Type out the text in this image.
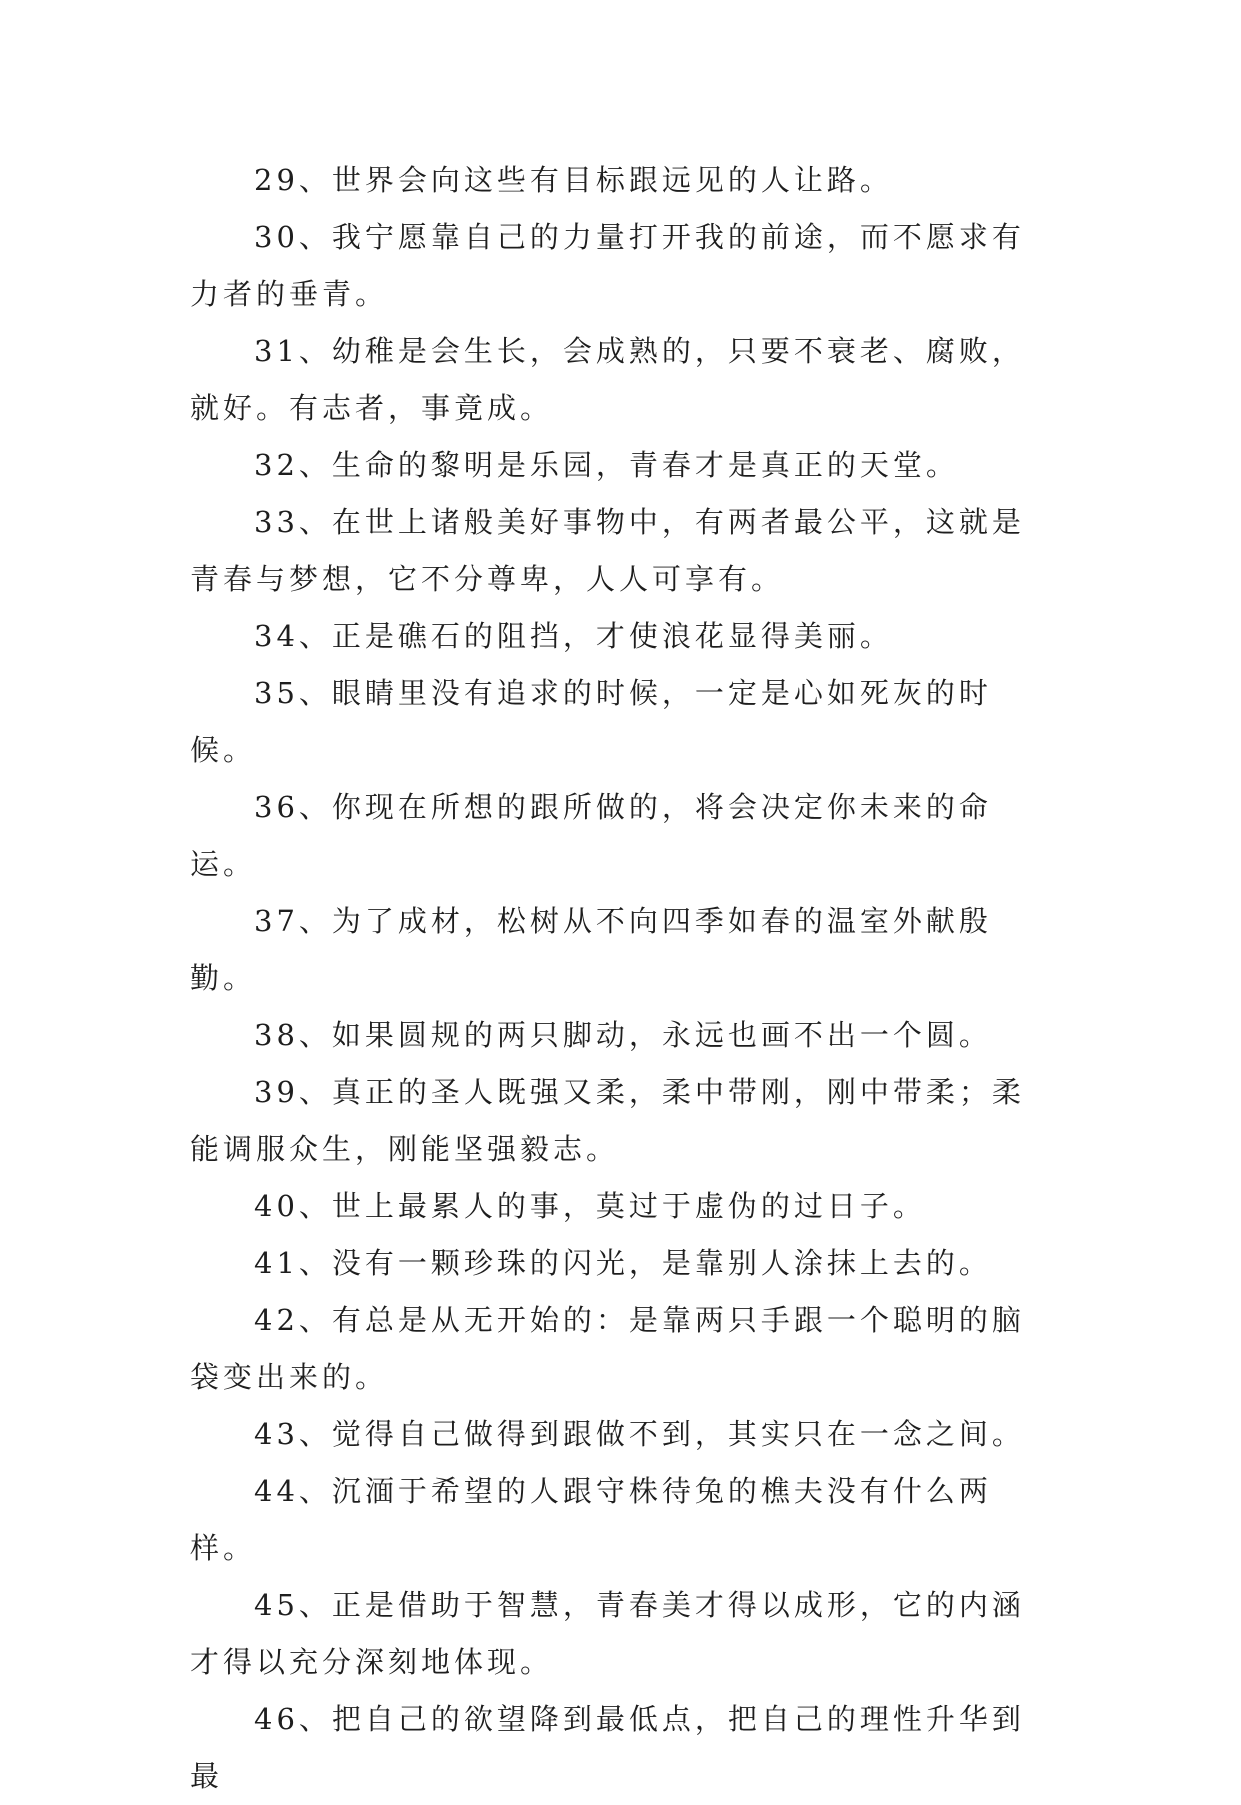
29、世界会向这些有目标跟远见的人让路。

30、我宁愿靠自己的力量打开我的前途，而不愿求有力者的垂青。

31、幼稚是会生长，会成熟的，只要不衰老、腐败，就好。有志者，事竟成。

32、生命的黎明是乐园，青春才是真正的天堂。

33、在世上诸般美好事物中，有两者最公平，这就是青春与梦想，它不分尊卑，人人可享有。

34、正是礁石的阻挡，才使浪花显得美丽。

35、眼睛里没有追求的时候，一定是心如死灰的时候。

36、你现在所想的跟所做的，将会决定你未来的命运。

37、为了成材，松树从不向四季如春的温室外献殷勤。

38、如果圆规的两只脚动，永远也画不出一个圆。

39、真正的圣人既强又柔，柔中带刚，刚中带柔；柔能调服众生，刚能坚强毅志。

40、世上最累人的事，莫过于虚伪的过日子。

41、没有一颗珍珠的闪光，是靠别人涂抹上去的。

42、有总是从无开始的：是靠两只手跟一个聪明的脑袋变出来的。

43、觉得自己做得到跟做不到，其实只在一念之间。

44、沉湎于希望的人跟守株待兔的樵夫没有什么两样。

45、正是借助于智慧，青春美才得以成形，它的内涵才得以充分深刻地体现。

46、把自己的欲望降到最低点，把自己的理性升华到最
